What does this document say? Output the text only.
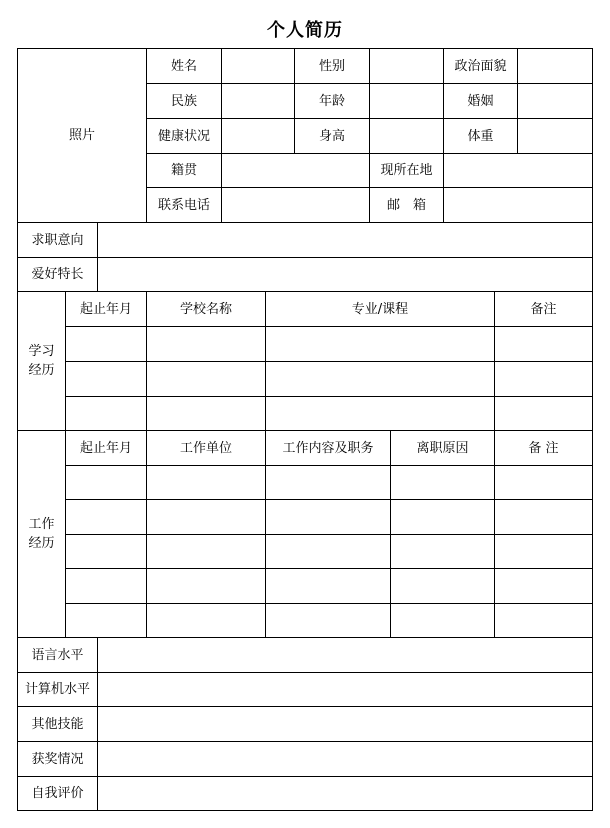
个人简历
照片
姓名	性别	政治面貌
民族	年龄	婚姻
健康状况	身高	体重
籍贯	现所在地
联系电话	邮　箱
求职意向
爱好特长
学习
经历
起止年月	学校名称	专业/课程	备注
工作
经历
起止年月	工作单位	工作内容及职务	离职原因	备 注
语言水平
计算机水平
其他技能
获奖情况
自我评价
